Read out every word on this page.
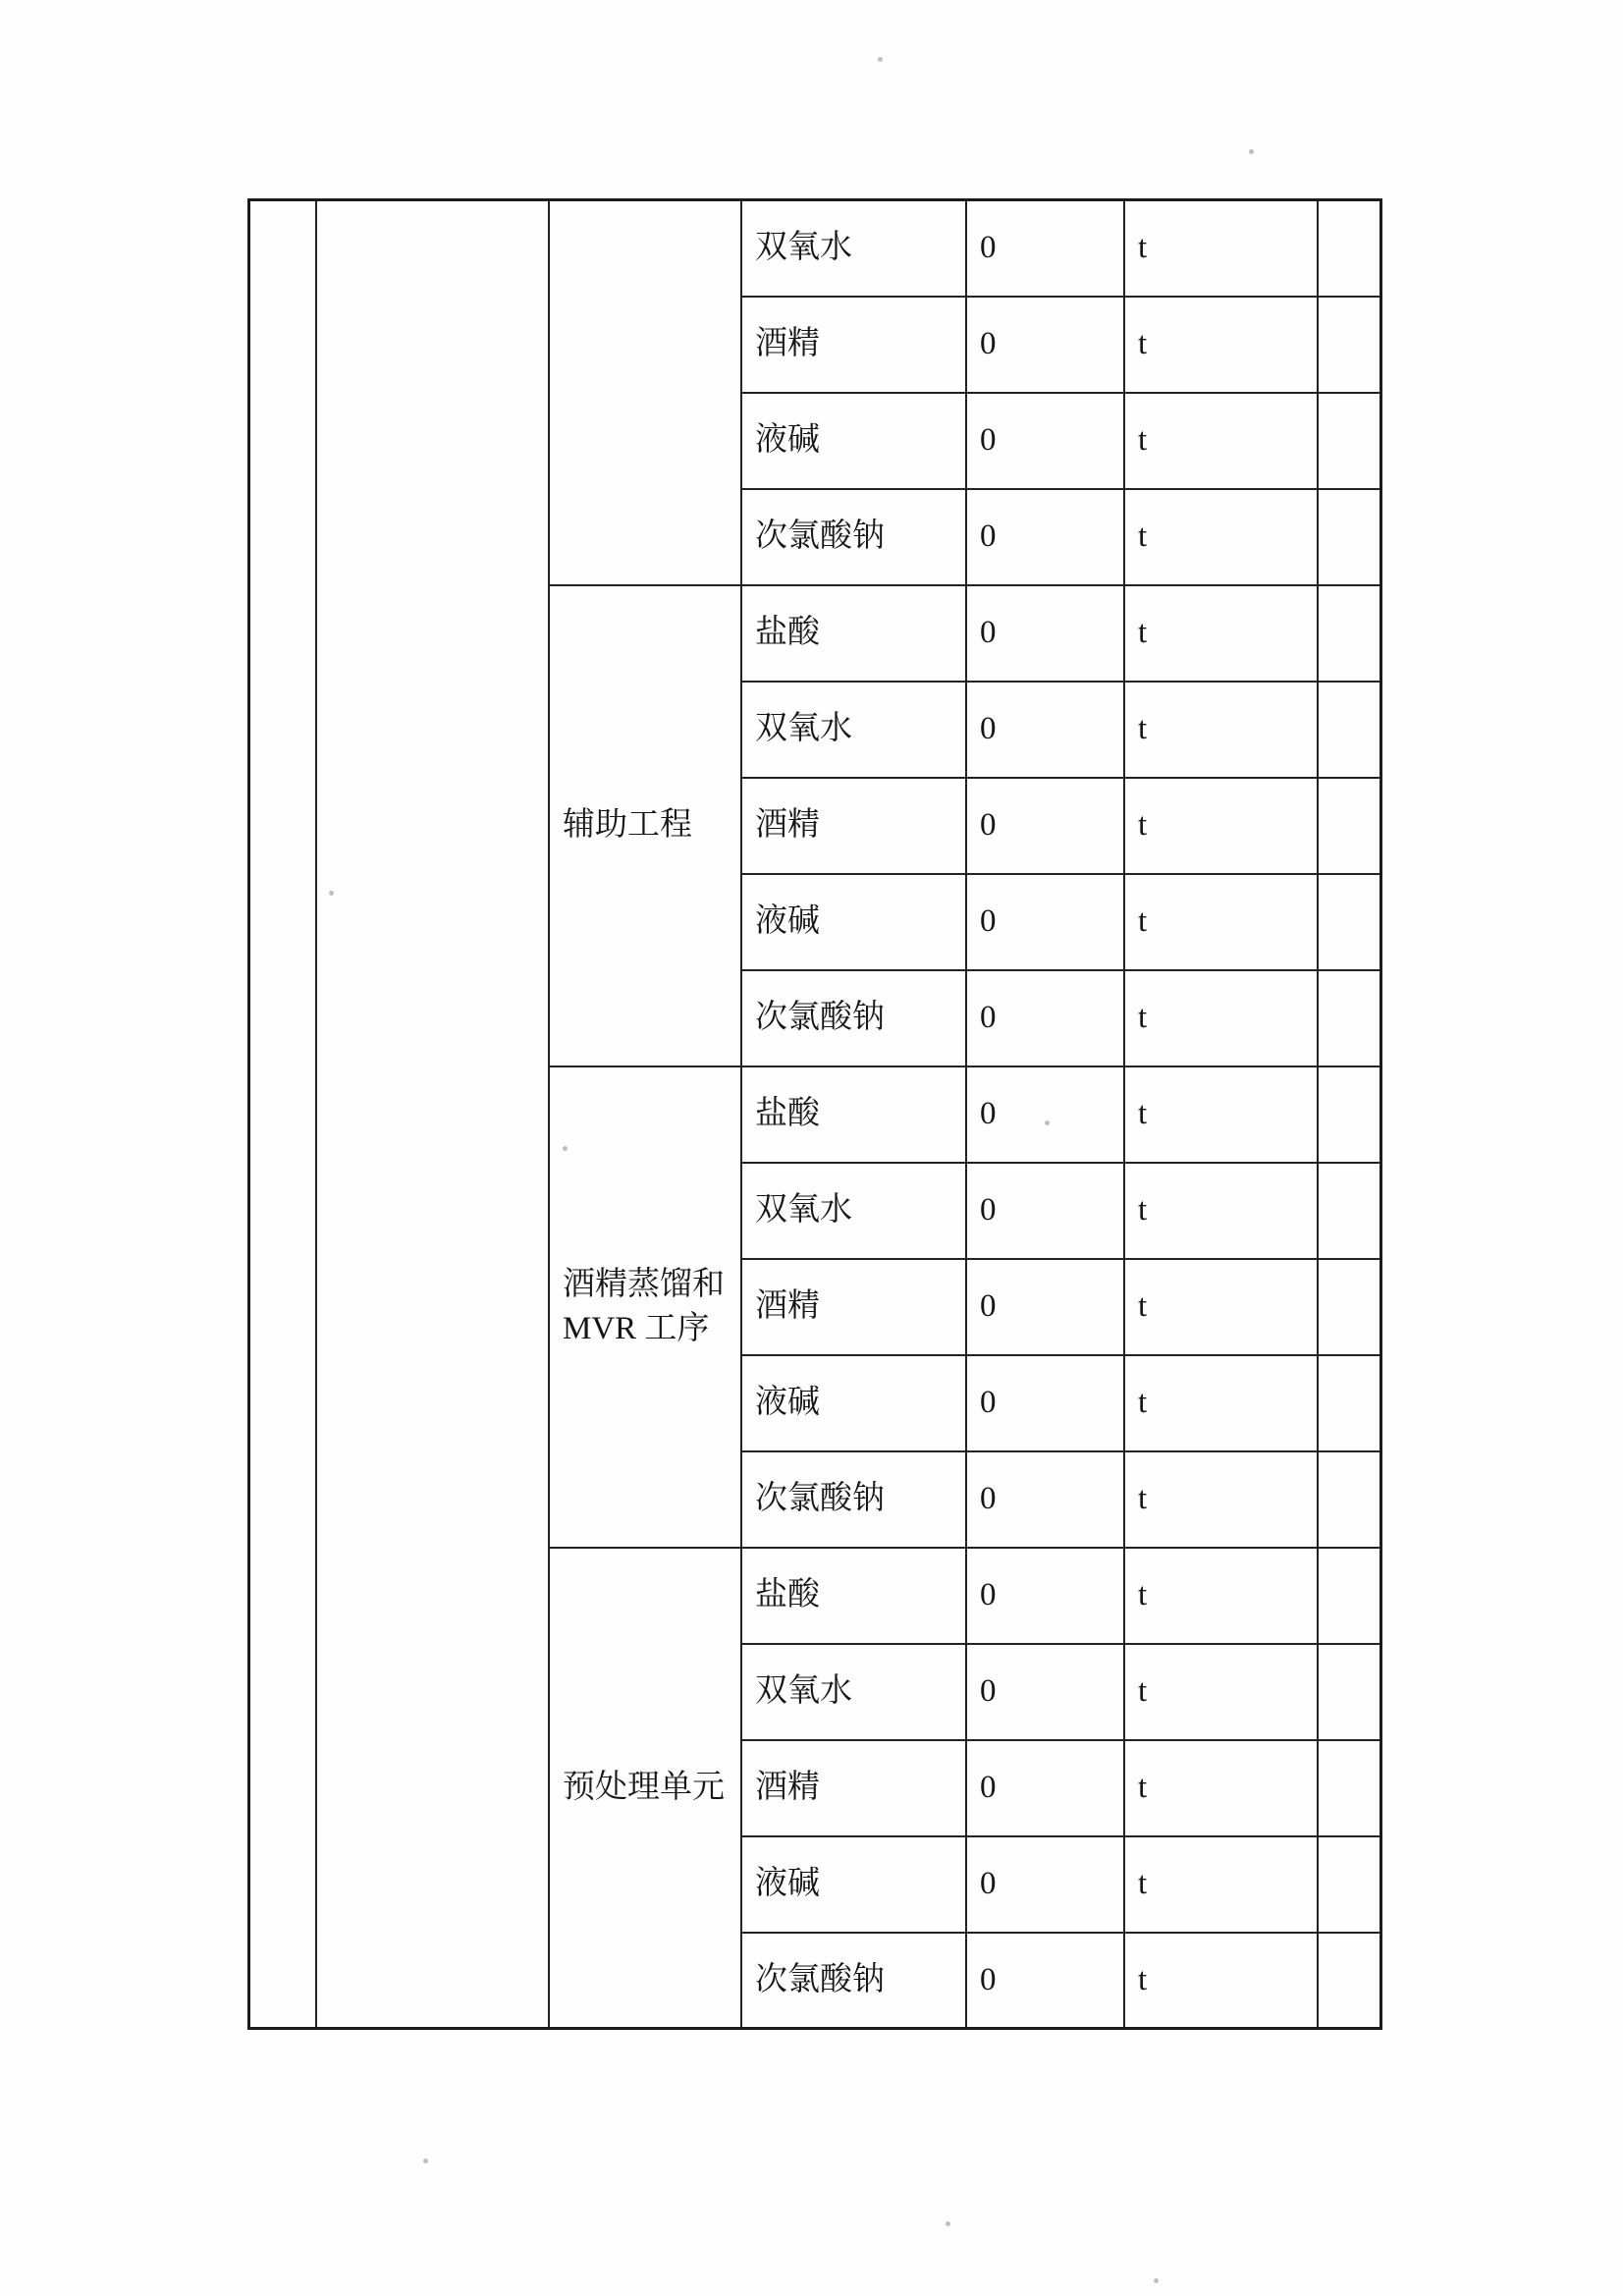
			双氧水	0	t	
			酒精	0	t	
			液碱	0	t	
			次氯酸钠	0	t	

		辅助工程	盐酸	0	t	
			双氧水	0	t	
			酒精	0	t	
			液碱	0	t	
			次氯酸钠	0	t	

		酒精蒸馏和
MVR 工序	盐酸	0	t	
			双氧水	0	t	
			酒精	0	t	
			液碱	0	t	
			次氯酸钠	0	t	

		预处理单元	盐酸	0	t	
			双氧水	0	t	
			酒精	0	t	
			液碱	0	t	
			次氯酸钠	0	t	
